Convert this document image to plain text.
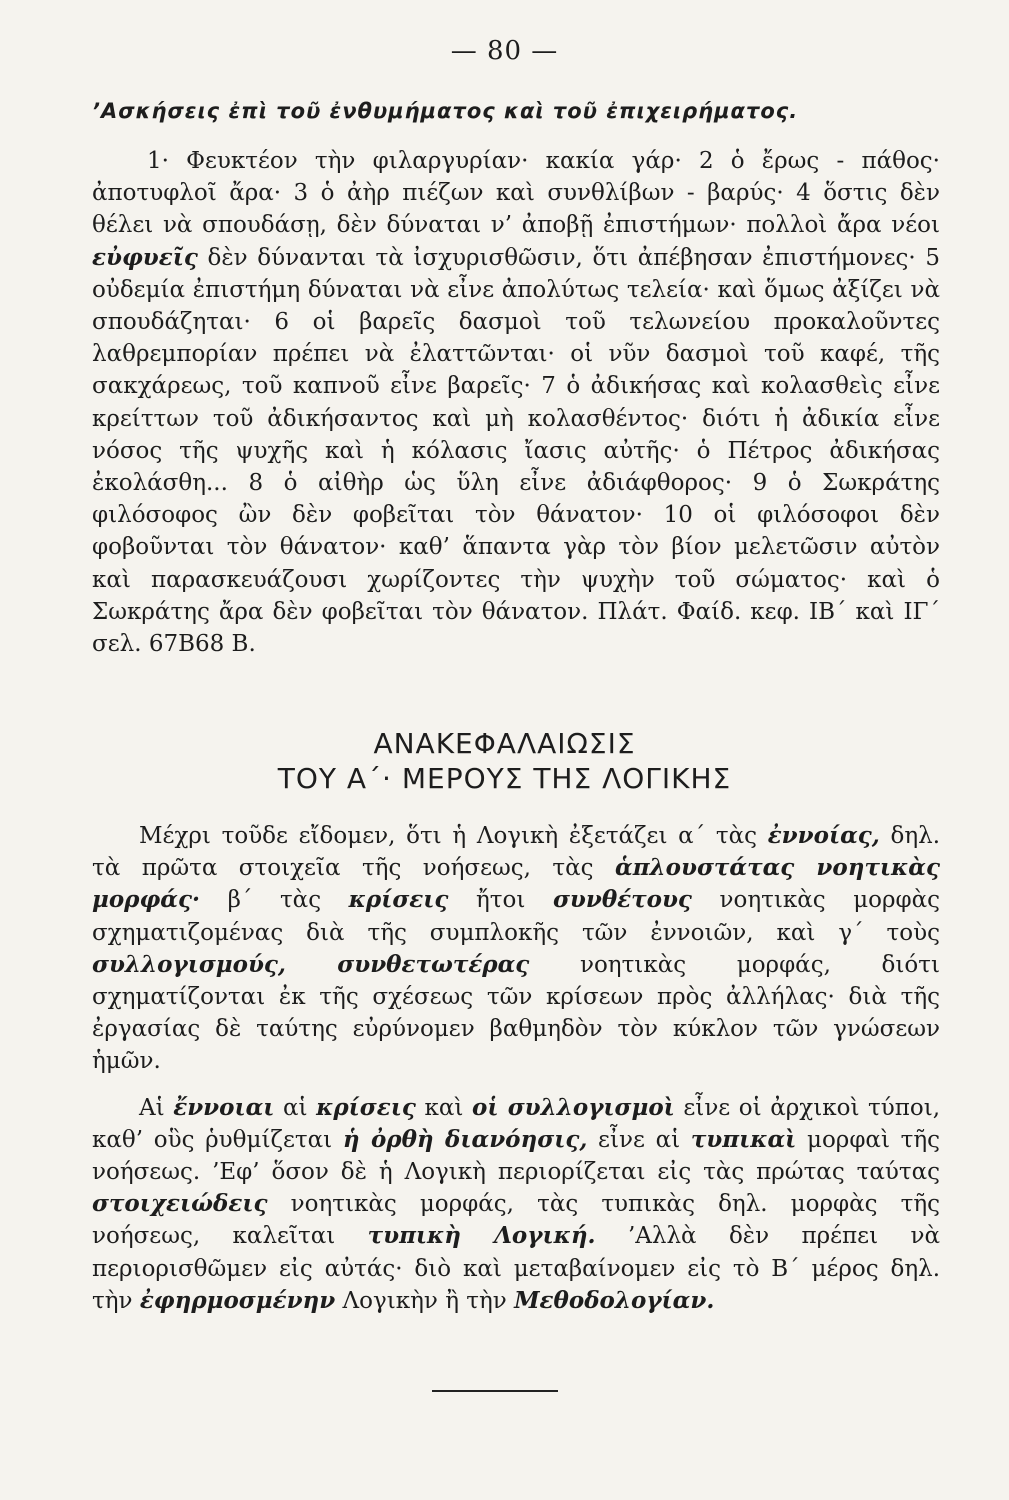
— 80 —
’Ασκήσεις ἐπὶ τοῦ ἐνθυμήματος καὶ τοῦ ἐπιχειρήματος.

1· Φευκτέον τὴν φιλαργυρίαν· κακία γάρ· 2 ὁ ἔρως - πάθος· ἀποτυφλοῖ ἄρα· 3 ὁ ἀὴρ πιέζων καὶ συνθλίβων - βαρύς· 4 ὅστις δὲν θέλει νὰ σπουδάσῃ, δὲν δύναται ν’ ἀποβῇ ἐπιστήμων· πολλοὶ ἄρα νέοι εὐφυεῖς δὲν δύνανται τὰ ἰσχυρισθῶσιν, ὅτι ἀπέβησαν ἐπιστήμονες· 5 οὐδεμία ἐπιστήμη δύναται νὰ εἶνε ἀπολύτως τελεία· καὶ ὅμως ἀξίζει νὰ σπουδάζηται· 6 οἱ βαρεῖς δασμοὶ τοῦ τελωνείου προκαλοῦντες λαθρεμπορίαν πρέπει νὰ ἐλαττῶνται· οἱ νῦν δασμοὶ τοῦ καφέ, τῆς σακχάρεως, τοῦ καπνοῦ εἶνε βαρεῖς· 7 ὁ ἀδικήσας καὶ κολασθεὶς εἶνε κρείττων τοῦ ἀδικήσαντος καὶ μὴ κολασθέντος· διότι ἡ ἀδικία εἶνε νόσος τῆς ψυχῆς καὶ ἡ κόλασις ἴασις αὐτῆς· ὁ Πέτρος ἀδικήσας ἐκολάσθη... 8 ὁ αἰθὴρ ὡς ὕλη εἶνε ἀδιάφθορος· 9 ὁ Σωκράτης φιλόσοφος ὢν δὲν φοβεῖται τὸν θάνατον· 10 οἱ φιλόσοφοι δὲν φοβοῦνται τὸν θάνατον· καθ’ ἅπαντα γὰρ τὸν βίον μελετῶσιν αὐτὸν καὶ παρασκευάζουσι χωρίζοντες τὴν ψυχὴν τοῦ σώματος· καὶ ὁ Σωκράτης ἄρα δὲν φοβεῖται τὸν θάνατον. Πλάτ. Φαίδ. κεφ. ΙΒ΄ καὶ ΙΓ΄ σελ. 67Β68 Β.

ΑΝΑΚΕΦΑΛΑΙΩΣΙΣ
ΤΟΥ Α΄· ΜΕΡΟΥΣ ΤΗΣ ΛΟΓΙΚΗΣ

Μέχρι τοῦδε εἴδομεν, ὅτι ἡ Λογικὴ ἐξετάζει α΄ τὰς ἐννοίας, δηλ. τὰ πρῶτα στοιχεῖα τῆς νοήσεως, τὰς ἁπλουστάτας νοητικὰς μορφάς· β΄ τὰς κρίσεις ἤτοι συνθέτους νοητικὰς μορφὰς σχηματιζομένας διὰ τῆς συμπλοκῆς τῶν ἐννοιῶν, καὶ γ΄ τοὺς συλλογισμούς, συνθετωτέρας νοητικὰς μορφάς, διότι σχηματίζονται ἐκ τῆς σχέσεως τῶν κρίσεων πρὸς ἀλλήλας· διὰ τῆς ἐργασίας δὲ ταύτης εὐρύνομεν βαθμηδὸν τὸν κύκλον τῶν γνώσεων ἡμῶν.

Αἱ ἔννοιαι αἱ κρίσεις καὶ οἱ συλλογισμοὶ εἶνε οἱ ἀρχικοὶ τύποι, καθ’ οὓς ῥυθμίζεται ἡ ὀρθὴ διανόησις, εἶνε αἱ τυπικαὶ μορφαὶ τῆς νοήσεως. ’Εφ’ ὅσον δὲ ἡ Λογικὴ περιορίζεται εἰς τὰς πρώτας ταύτας στοιχειώδεις νοητικὰς μορφάς, τὰς τυπικὰς δηλ. μορφὰς τῆς νοήσεως, καλεῖται τυπικὴ Λογική. ’Αλλὰ δὲν πρέπει νὰ περιορισθῶμεν εἰς αὐτάς· διὸ καὶ μεταβαίνομεν εἰς τὸ Β΄ μέρος δηλ. τὴν ἐφηρμοσμένην Λογικὴν ἢ τὴν Μεθοδολογίαν.
